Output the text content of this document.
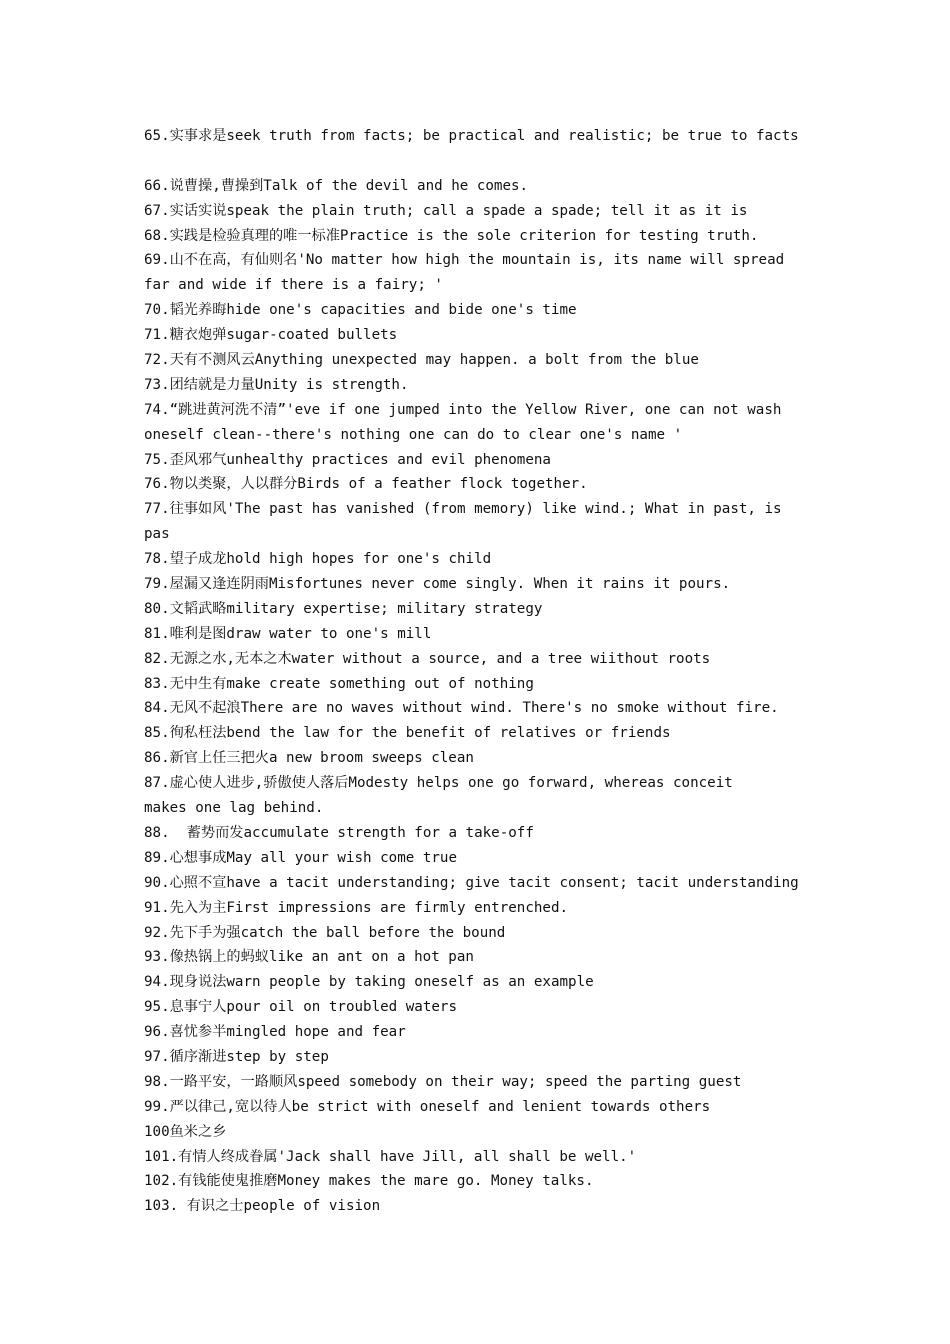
65.实事求是seek truth from facts; be practical and realistic; be true to facts
66.说曹操,曹操到Talk of the devil and he comes.
67.实话实说speak the plain truth; call a spade a spade; tell it as it is
68.实践是检验真理的唯一标准Practice is the sole criterion for testing truth.
69.山不在高，有仙则名'No matter how high the mountain is, its name will spread
far and wide if there is a fairy; '
70.韬光养晦hide one's capacities and bide one's time
71.糖衣炮弹sugar-coated bullets
72.天有不测风云Anything unexpected may happen. a bolt from the blue
73.团结就是力量Unity is strength.
74.“跳进黄河洗不清”'eve if one jumped into the Yellow River, one can not wash
oneself clean--there's nothing one can do to clear one's name '
75.歪风邪气unhealthy practices and evil phenomena
76.物以类聚，人以群分Birds of a feather flock together.
77.往事如风'The past has vanished (from memory) like wind.; What in past, is
pas
78.望子成龙hold high hopes for one's child
79.屋漏又逢连阴雨Misfortunes never come singly. When it rains it pours.
80.文韬武略military expertise; military strategy
81.唯利是图draw water to one's mill
82.无源之水,无本之木water without a source, and a tree wiithout roots
83.无中生有make create something out of nothing
84.无风不起浪There are no waves without wind. There's no smoke without fire.
85.徇私枉法bend the law for the benefit of relatives or friends
86.新官上任三把火a new broom sweeps clean
87.虚心使人进步,骄傲使人落后Modesty helps one go forward, whereas conceit
makes one lag behind.
88.  蓄势而发accumulate strength for a take-off
89.心想事成May all your wish come true
90.心照不宣have a tacit understanding; give tacit consent; tacit understanding
91.先入为主First impressions are firmly entrenched.
92.先下手为强catch the ball before the bound
93.像热锅上的蚂蚁like an ant on a hot pan
94.现身说法warn people by taking oneself as an example
95.息事宁人pour oil on troubled waters
96.喜忧参半mingled hope and fear
97.循序渐进step by step
98.一路平安，一路顺风speed somebody on their way; speed the parting guest
99.严以律己,宽以待人be strict with oneself and lenient towards others
100鱼米之乡
101.有情人终成眷属'Jack shall have Jill, all shall be well.'
102.有钱能使鬼推磨Money makes the mare go. Money talks.
103. 有识之士people of vision
